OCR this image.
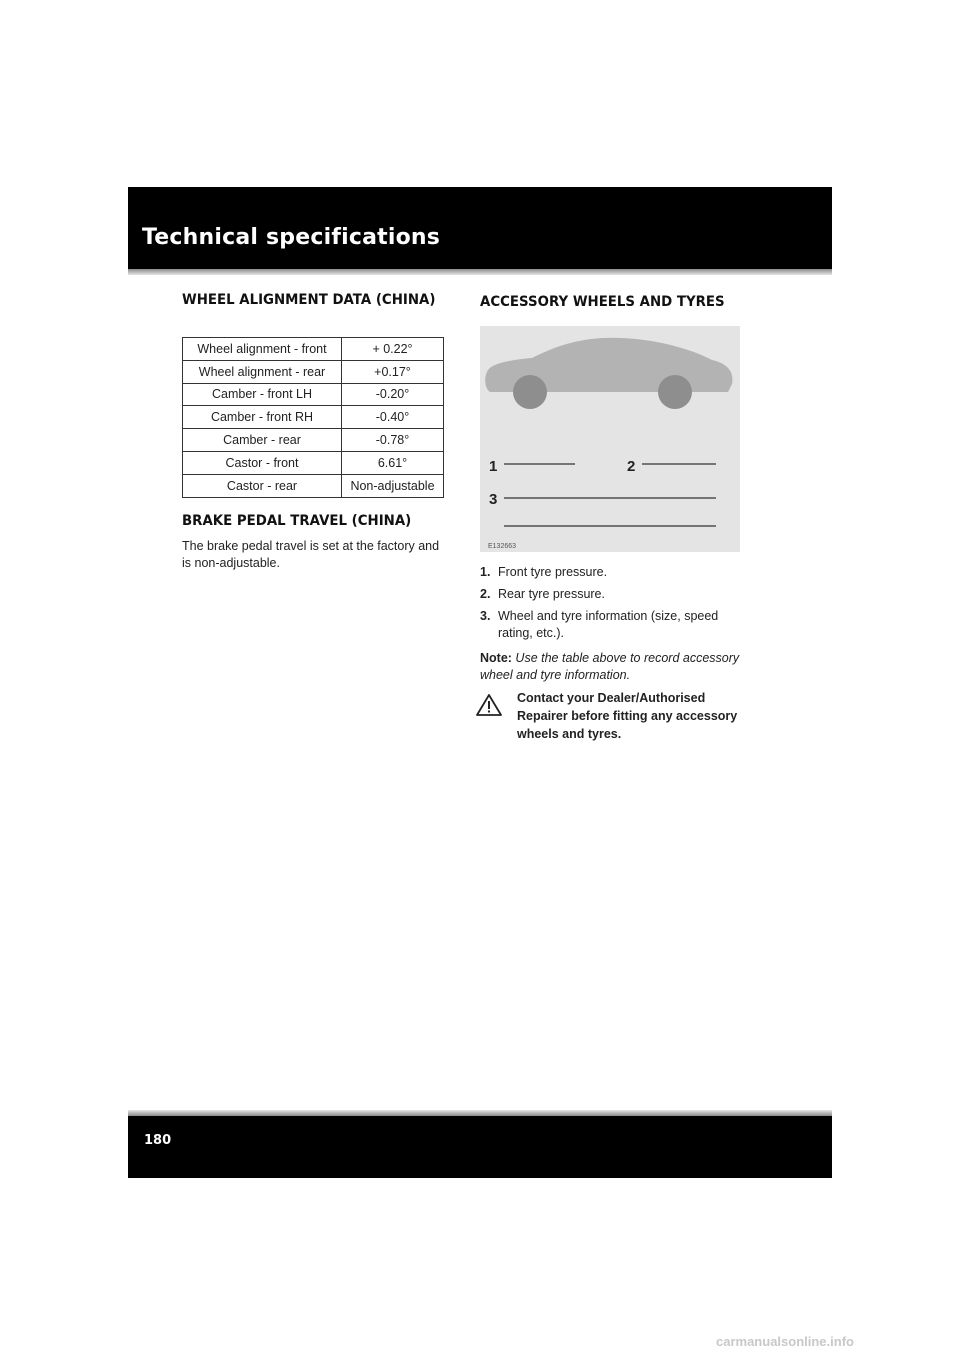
Technical specifications
WHEEL ALIGNMENT DATA (CHINA)
Wheel alignment - front	+ 0.22°
Wheel alignment - rear	+0.17°
Camber - front LH	-0.20°
Camber - front RH	-0.40°
Camber - rear	-0.78°
Castor - front	6.61°
Castor - rear	Non-adjustable
BRAKE PEDAL TRAVEL (CHINA)
The brake pedal travel is set at the factory and is non-adjustable.
ACCESSORY WHEELS AND TYRES
1	2
3
E132663
1. Front tyre pressure.
2. Rear tyre pressure.
3. Wheel and tyre information (size, speed rating, etc.).
Note: Use the table above to record accessory wheel and tyre information.
Contact your Dealer/Authorised Repairer before fitting any accessory wheels and tyres.
180
carmanualsonline.info
